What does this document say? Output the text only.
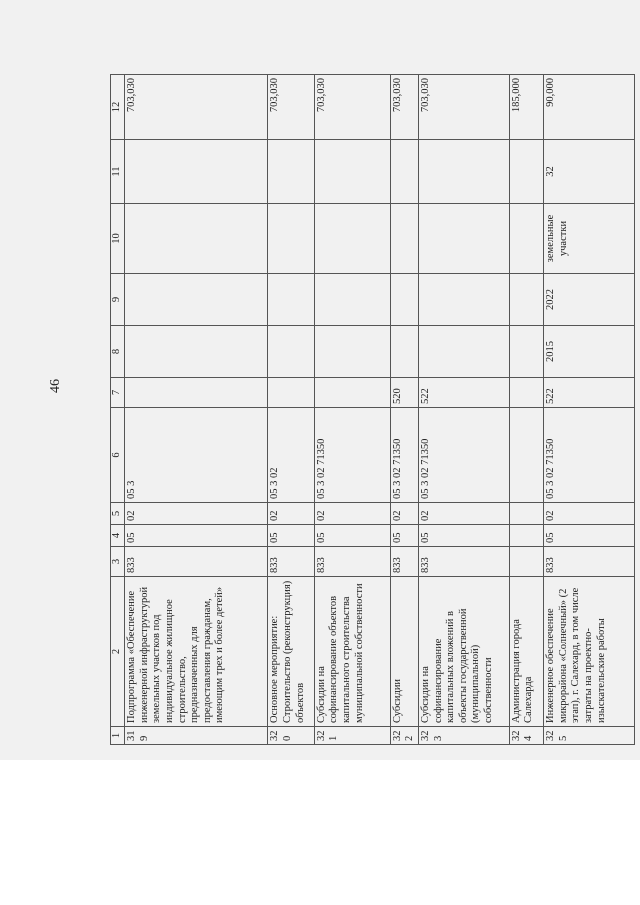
46
1	2	3	4	5	6	7	8	9	10	11	12
319	Подпрограмма «Обеспечение инженерной инфраструктурой земельных участков под индивидуальное жилищное строительство, предназначенных для предоставления гражданам, имеющим трех и более детей»	833	05	02	05 3						703,030
320	Основное мероприятие: Строительство (реконструкция) объектов	833	05	02	05 3 02						703,030
321	Субсидии на софинансирование объектов капитального строительства муниципальной собственности	833	05	02	05 3 02 71350						703,030
322	Субсидии	833	05	02	05 3 02 71350	520					703,030
323	Субсидии на софинансирование капитальных вложений в объекты государственной (муниципальной) собственности	833	05	02	05 3 02 71350	522					703,030
324	Администрация города Салехарда										185,000
325	Инженерное обеспечение микрорайона «Солнечный» (2 этап), г. Салехард, в том числе затраты на проектно-изыскательские работы	833	05	02	05 3 02 71350	522	2015	2022	земельные участки	32	90,000
